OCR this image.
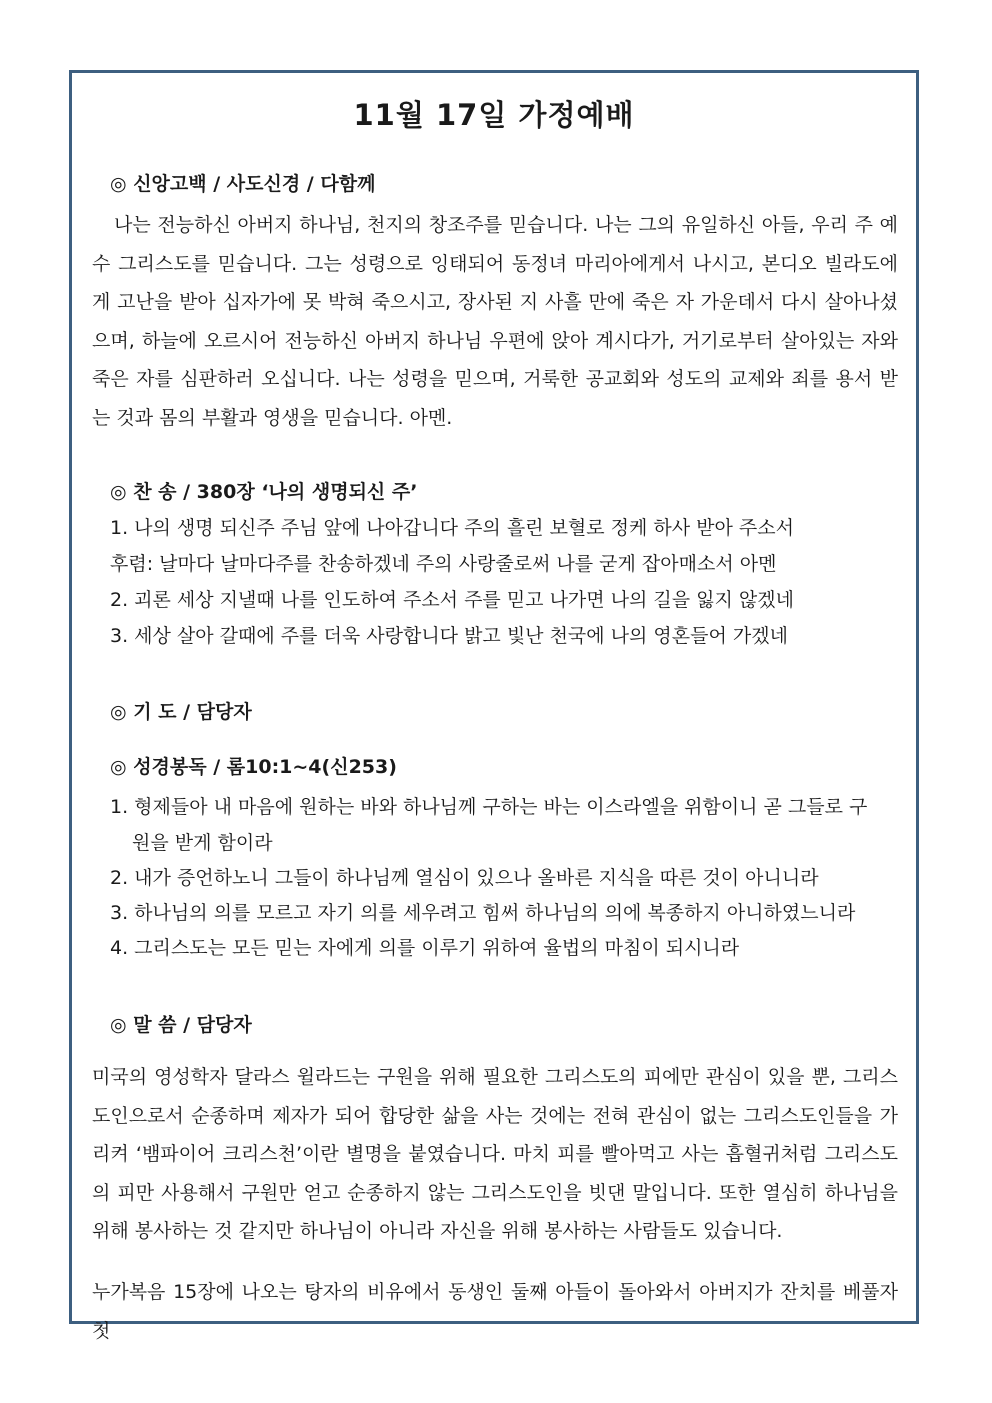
11월 17일 가정예배
◎ 신앙고백 / 사도신경 / 다함께

나는 전능하신 아버지 하나님, 천지의 창조주를 믿습니다. 나는 그의 유일하신 아들, 우리 주 예수 그리스도를 믿습니다. 그는 성령으로 잉태되어 동정녀 마리아에게서 나시고, 본디오 빌라도에게 고난을 받아 십자가에 못 박혀 죽으시고, 장사된 지 사흘 만에 죽은 자 가운데서 다시 살아나셨으며, 하늘에 오르시어 전능하신 아버지 하나님 우편에 앉아 계시다가, 거기로부터 살아있는 자와 죽은 자를 심판하러 오십니다. 나는 성령을 믿으며, 거룩한 공교회와 성도의 교제와 죄를 용서 받는 것과 몸의 부활과 영생을 믿습니다. 아멘.

◎ 찬 송 / 380장 ‘나의 생명되신 주’
1. 나의 생명 되신주 주님 앞에 나아갑니다 주의 흘린 보혈로 정케 하사 받아 주소서
후렴: 날마다 날마다주를 찬송하겠네 주의 사랑줄로써 나를 굳게 잡아매소서 아멘
2. 괴론 세상 지낼때 나를 인도하여 주소서 주를 믿고 나가면 나의 길을 잃지 않겠네
3. 세상 살아 갈때에 주를 더욱 사랑합니다 밝고 빛난 천국에 나의 영혼들어 가겠네
◎ 기 도 / 담당자
◎ 성경봉독 / 롬10:1~4(신253)
1. 형제들아 내 마음에 원하는 바와 하나님께 구하는 바는 이스라엘을 위함이니 곧 그들로 구원을 받게 함이라
2. 내가 증언하노니 그들이 하나님께 열심이 있으나 올바른 지식을 따른 것이 아니니라
3. 하나님의 의를 모르고 자기 의를 세우려고 힘써 하나님의 의에 복종하지 아니하였느니라
4. 그리스도는 모든 믿는 자에게 의를 이루기 위하여 율법의 마침이 되시니라
◎ 말 씀 / 담당자

미국의 영성학자 달라스 윌라드는 구원을 위해 필요한 그리스도의 피에만 관심이 있을 뿐, 그리스도인으로서 순종하며 제자가 되어 합당한 삶을 사는 것에는 전혀 관심이 없는 그리스도인들을 가리켜 ‘뱀파이어 크리스천’이란 별명을 붙였습니다. 마치 피를 빨아먹고 사는 흡혈귀처럼 그리스도의 피만 사용해서 구원만 얻고 순종하지 않는 그리스도인을 빗댄 말입니다. 또한 열심히 하나님을 위해 봉사하는 것 같지만 하나님이 아니라 자신을 위해 봉사하는 사람들도 있습니다.

누가복음 15장에 나오는 탕자의 비유에서 동생인 둘째 아들이 돌아와서 아버지가 잔치를 베풀자 첫
